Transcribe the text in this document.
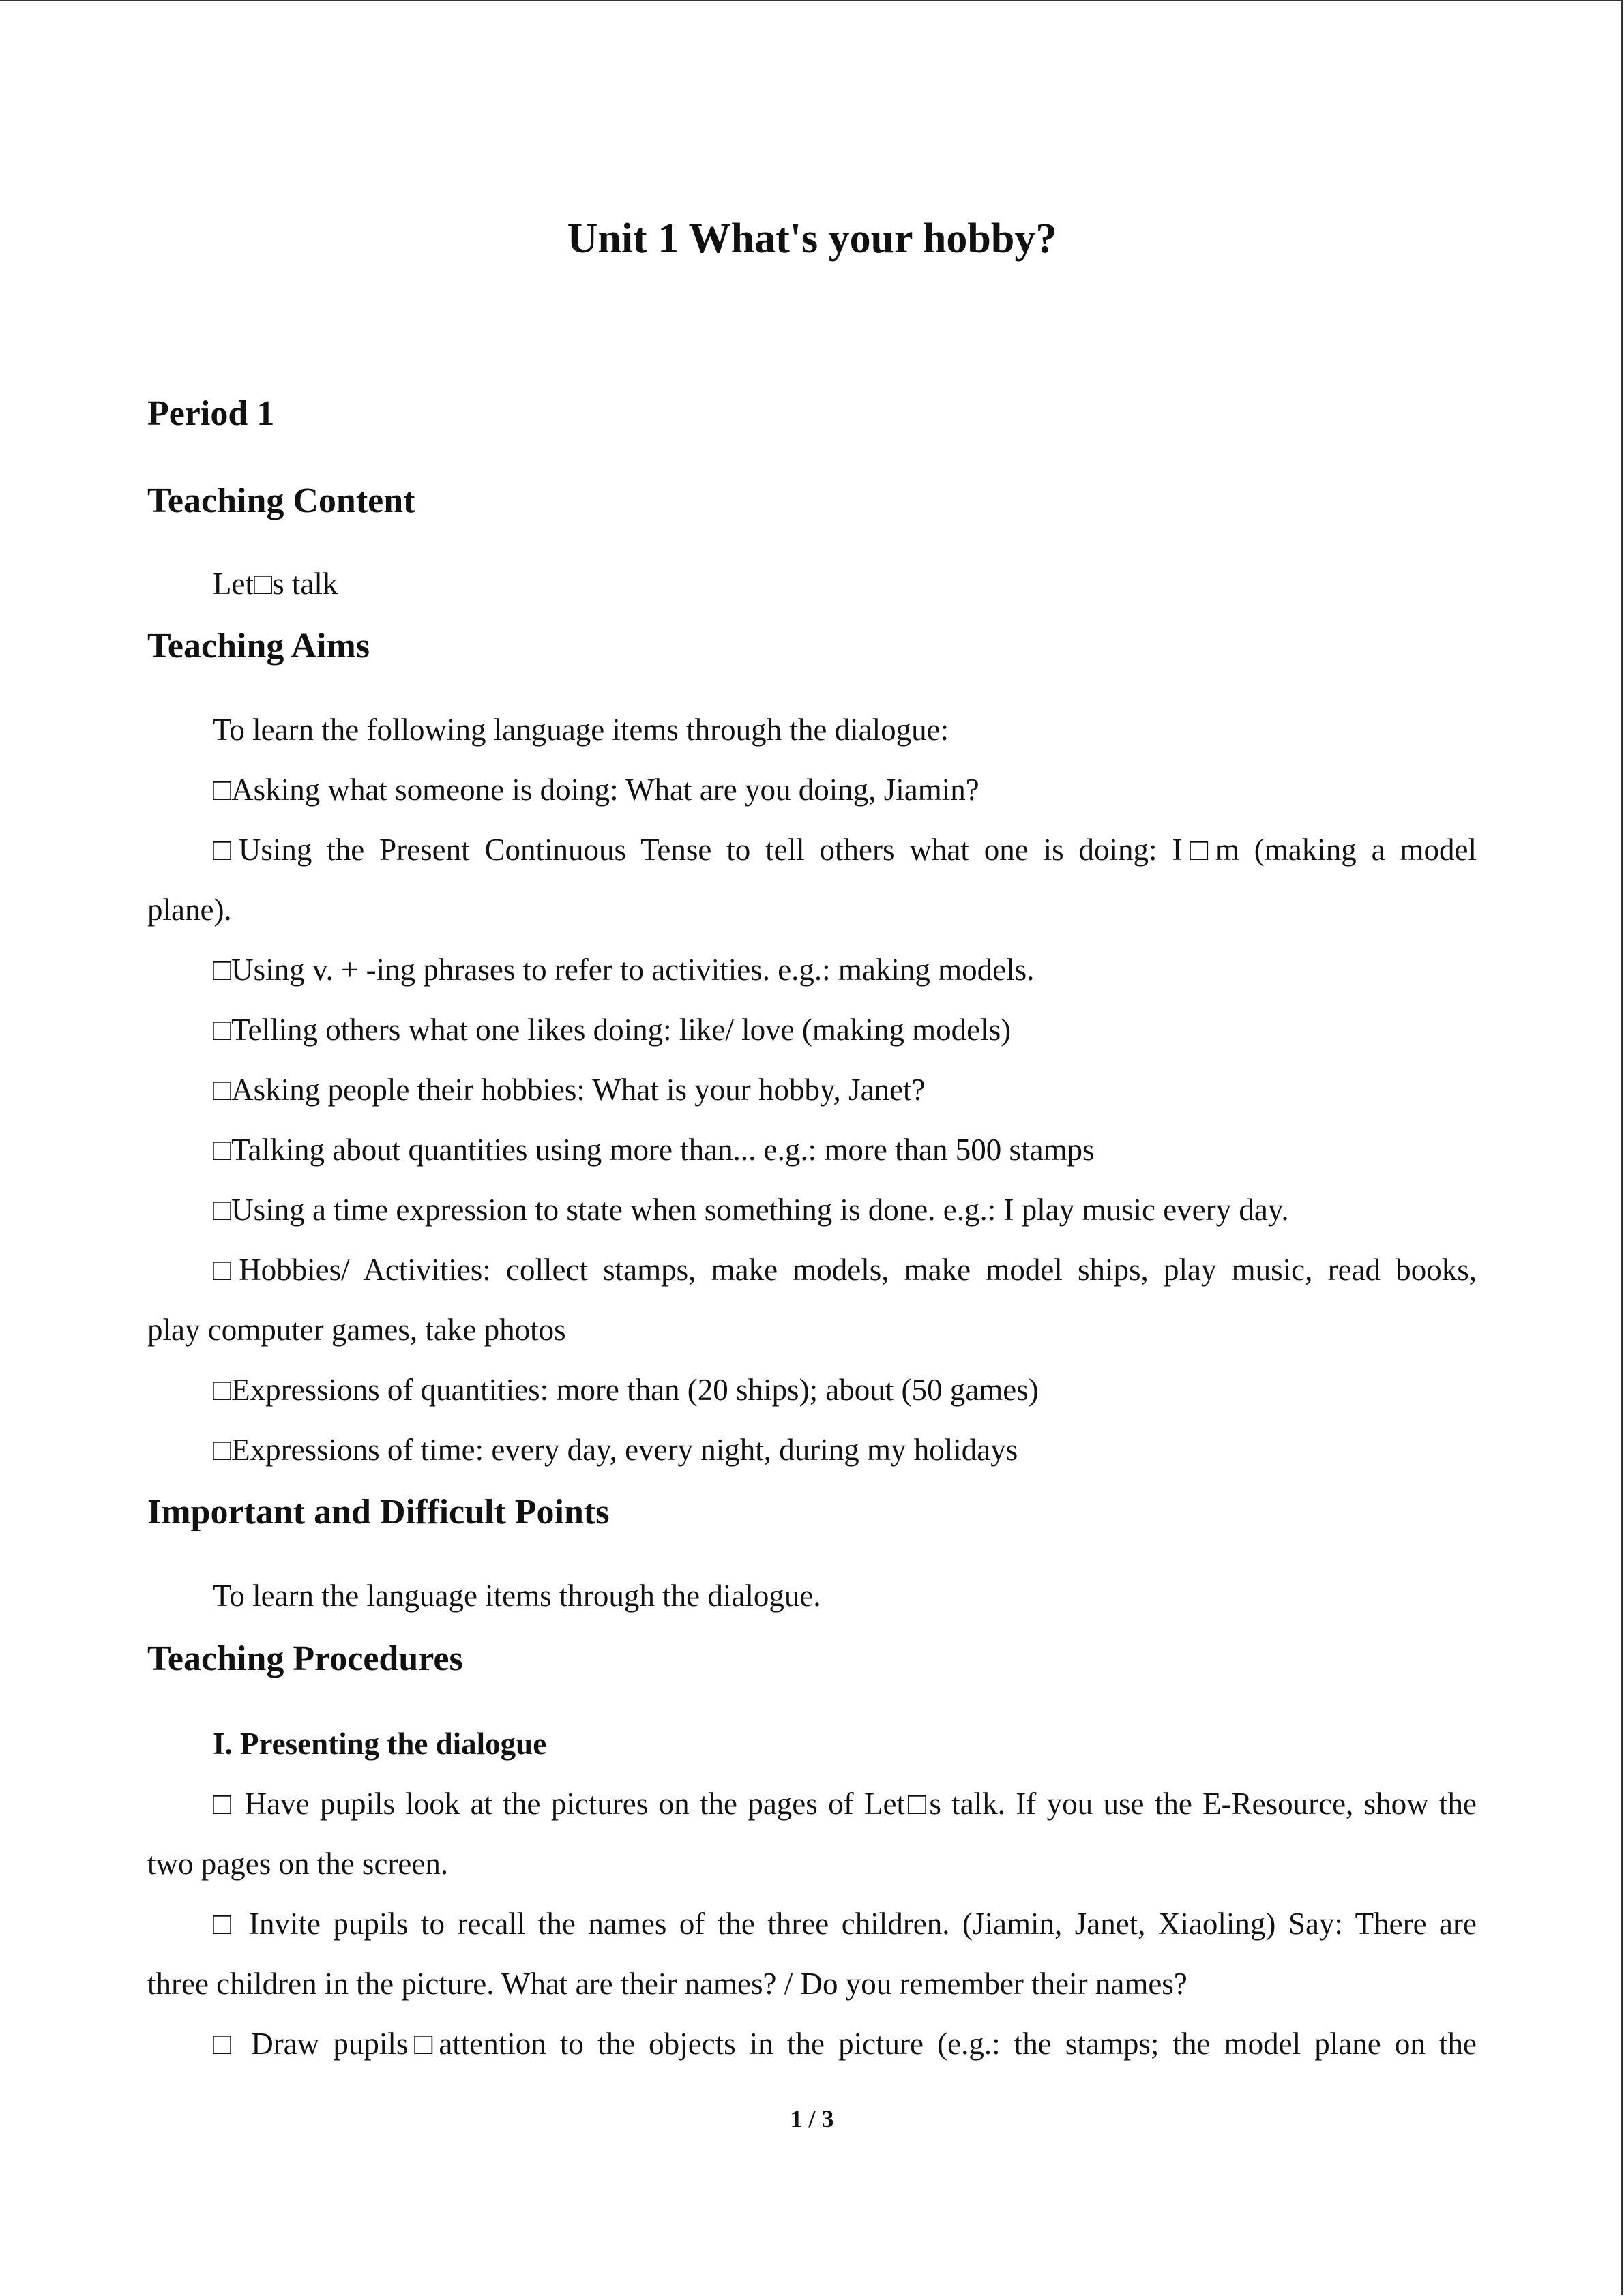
Unit 1 What's your hobby?
Period 1
Teaching Content

Let□s talk

Teaching Aims

To learn the following language items through the dialogue:

□Asking what someone is doing: What are you doing, Jiamin?

□Using the Present Continuous Tense to tell others what one is doing: I□m (making a model

plane).

□Using v. + -ing phrases to refer to activities. e.g.: making models.

□Telling others what one likes doing: like/ love (making models)

□Asking people their hobbies: What is your hobby, Janet?

□Talking about quantities using more than... e.g.: more than 500 stamps

□Using a time expression to state when something is done. e.g.: I play music every day.

□Hobbies/ Activities: collect stamps, make models, make model ships, play music, read books,

play computer games, take photos

□Expressions of quantities: more than (20 ships); about (50 games)

□Expressions of time: every day, every night, during my holidays

Important and Difficult Points

To learn the language items through the dialogue.

Teaching Procedures
I. Presenting the dialogue

□ Have pupils look at the pictures on the pages of Let□s talk. If you use the E-Resource, show the

two pages on the screen.

□ Invite pupils to recall the names of the three children. (Jiamin, Janet, Xiaoling) Say: There are

three children in the picture. What are their names? / Do you remember their names?

□ Draw pupils□attention to the objects in the picture (e.g.: the stamps; the model plane on the

1 / 3
